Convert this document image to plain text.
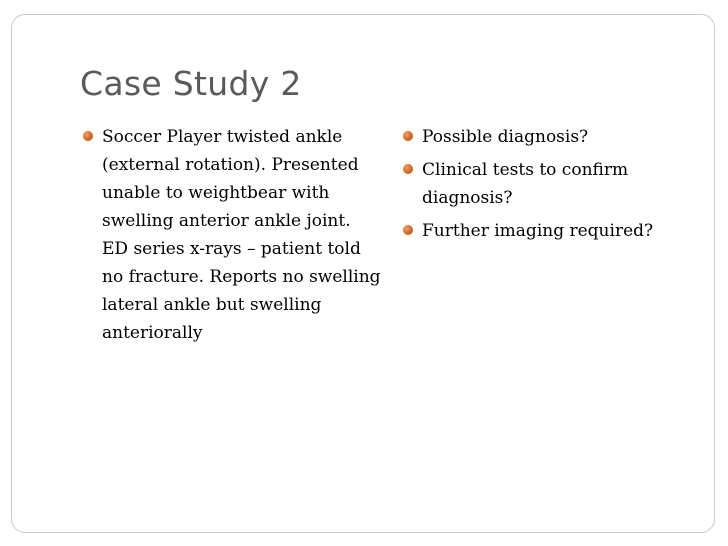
Case Study 2
Soccer Player twisted ankle (external rotation). Presented unable to weightbear with swelling anterior ankle joint. ED series x-rays – patient told no fracture. Reports no swelling lateral ankle but swelling anteriorally
Possible diagnosis?
Clinical tests to confirm diagnosis?
Further imaging required?
